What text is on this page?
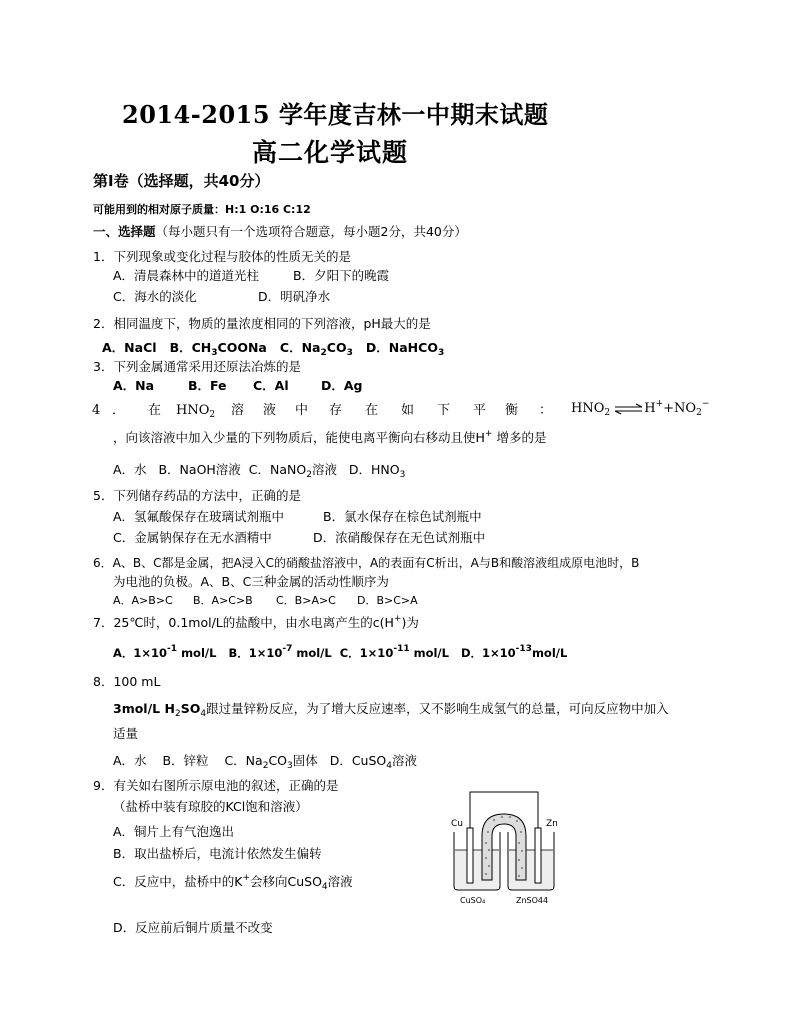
2014-2015 学年度吉林一中期末试题
高二化学试题
第Ⅰ卷（选择题，共40分）
可能用到的相对原子质量：H:1 O:16 C:12
一、选择题（每小题只有一个选项符合题意，每小题2分，共40分）
1．下列现象或变化过程与胶体的性质无关的是
A．清晨森林中的道道光柱	B．夕阳下的晚霞
C．海水的淡化	D．明矾净水
2．相同温度下，物质的量浓度相同的下列溶液，pH最大的是
A．NaCl B．$CH_3COONa$ C．$Na_2CO_3$ D．NaHCO$_3$
3．下列金属通常采用还原法冶炼的是
A．Na	B．Fe C．Al	D．Ag
4 ． 在 $HNO_2$ 溶 液 中 存 在 如 下 平 衡 ：	$HNO_2$ $\rightleftharpoons H^++NO_2^-$
，向该溶液中加入少量的下列物质后，能使电离平衡向右移动且使H+ 增多的是
A．水 B．NaOH溶液 C．NaNO$_2$溶液 D．$HNO_3$
5．下列储存药品的方法中，正确的是
A．氢氟酸保存在玻璃试剂瓶中	B．氯水保存在棕色试剂瓶中
C．金属钠保存在无水酒精中	D．浓硝酸保存在无色试剂瓶中
6．A、B、C都是金属，把A浸入C的硝酸盐溶液中，A的表面有C析出，A与B和酸溶液组成原电池时，B
为电池的负极。A、B、C三种金属的活动性顺序为
A．A>B>C B．A>C>B C．B>A>C D．B>C>A
7．25℃时，0.1mol/L的盐酸中，由水电离产生的c(H+)为
A．$1\times 10^{-1}$ mol/L B．$1\times 10^{-7}$ mol/L C．$1\times 10^{-11}$ mol/L D．$1\times 10^{-13}mol/L$
8．100 mL
3mol/L $H_2SO_4$跟过量锌粉反应，为了增大反应速率，又不影响生成氢气的总量，可向反应物中加入
适量
A．水 B．锌粒 C．$Na_2CO_3$固体 D．CuSO$_4$溶液
9．有关如右图所示原电池的叙述，正确的是
（盐桥中装有琼胶的KCl饱和溶液）
A．铜片上有气泡逸出
B．取出盐桥后，电流计依然发生偏转
C．反应中，盐桥中的K+会移向CuSO$_4$溶液
D．反应前后铜片质量不改变
Cu	Zn
CuSO₄	ZnSO44
